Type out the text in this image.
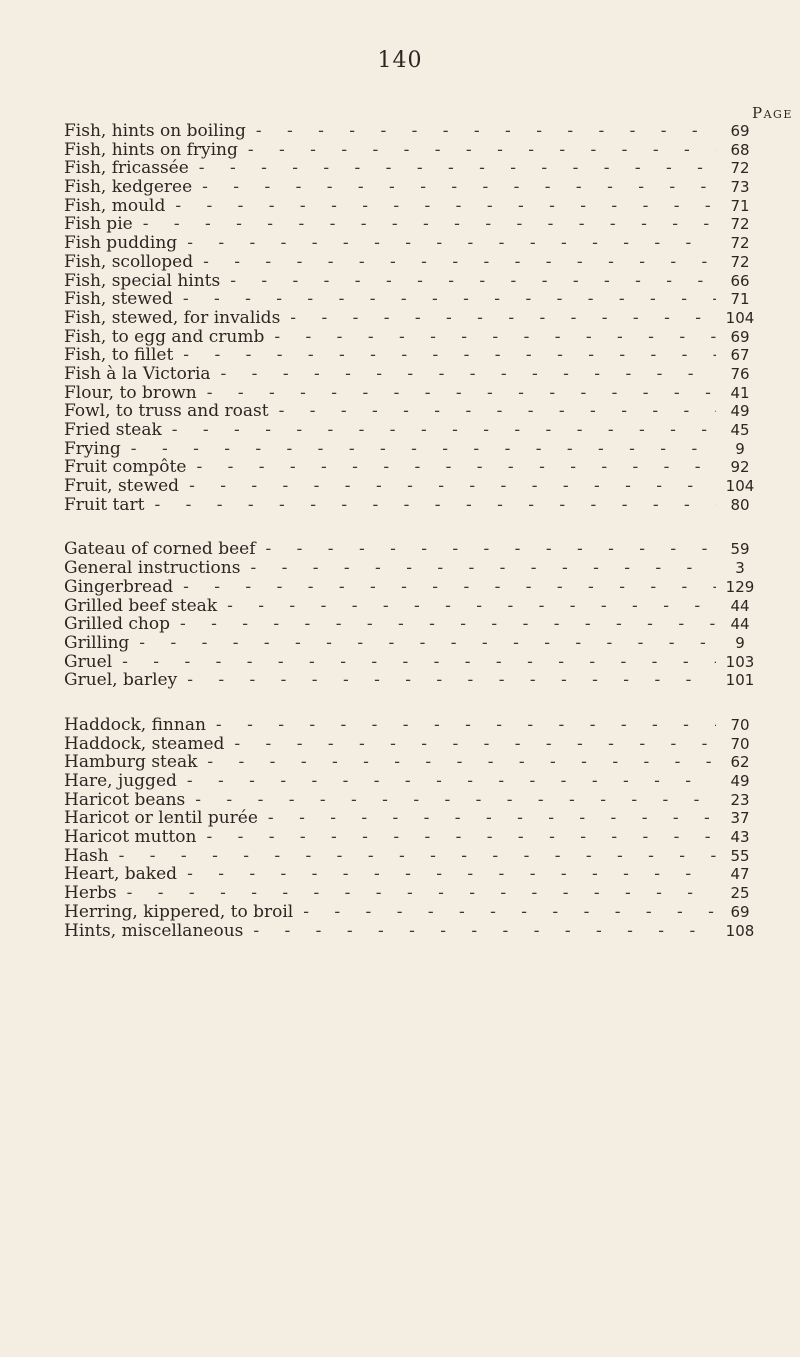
140
Page
Fish, hints on boiling - - -	69
Fish, hints on frying - - -	68
Fish, fricassée - - -	72
Fish, kedgeree - - -	73
Fish, mould - - -	71
Fish pie - - -	72
Fish pudding - - -	72
Fish, scolloped - - -	72
Fish, special hints - - -	66
Fish, stewed - - -	71
Fish, stewed, for invalids - - -	104
Fish, to egg and crumb - - -	69
Fish, to fillet - - -	67
Fish à la Victoria - - -	76
Flour, to brown - - -	41
Fowl, to truss and roast - - -	49
Fried steak - - -	45
Frying - - -	9
Fruit compôte - - -	92
Fruit, stewed - - -	104
Fruit tart - - -	80
Gateau of corned beef - - -	59
General instructions - - -	3
Gingerbread - - -	129
Grilled beef steak - - -	44
Grilled chop - - -	44
Grilling - - -	9
Gruel - - -	103
Gruel, barley - - -	101
Haddock, finnan - - -	70
Haddock, steamed - - -	70
Hamburg steak - - -	62
Hare, jugged - - -	49
Haricot beans - - -	23
Haricot or lentil purée - - -	37
Haricot mutton - - -	43
Hash - - -	55
Heart, baked - - -	47
Herbs - - -	25
Herring, kippered, to broil - - -	69
Hints, miscellaneous - - -	108
